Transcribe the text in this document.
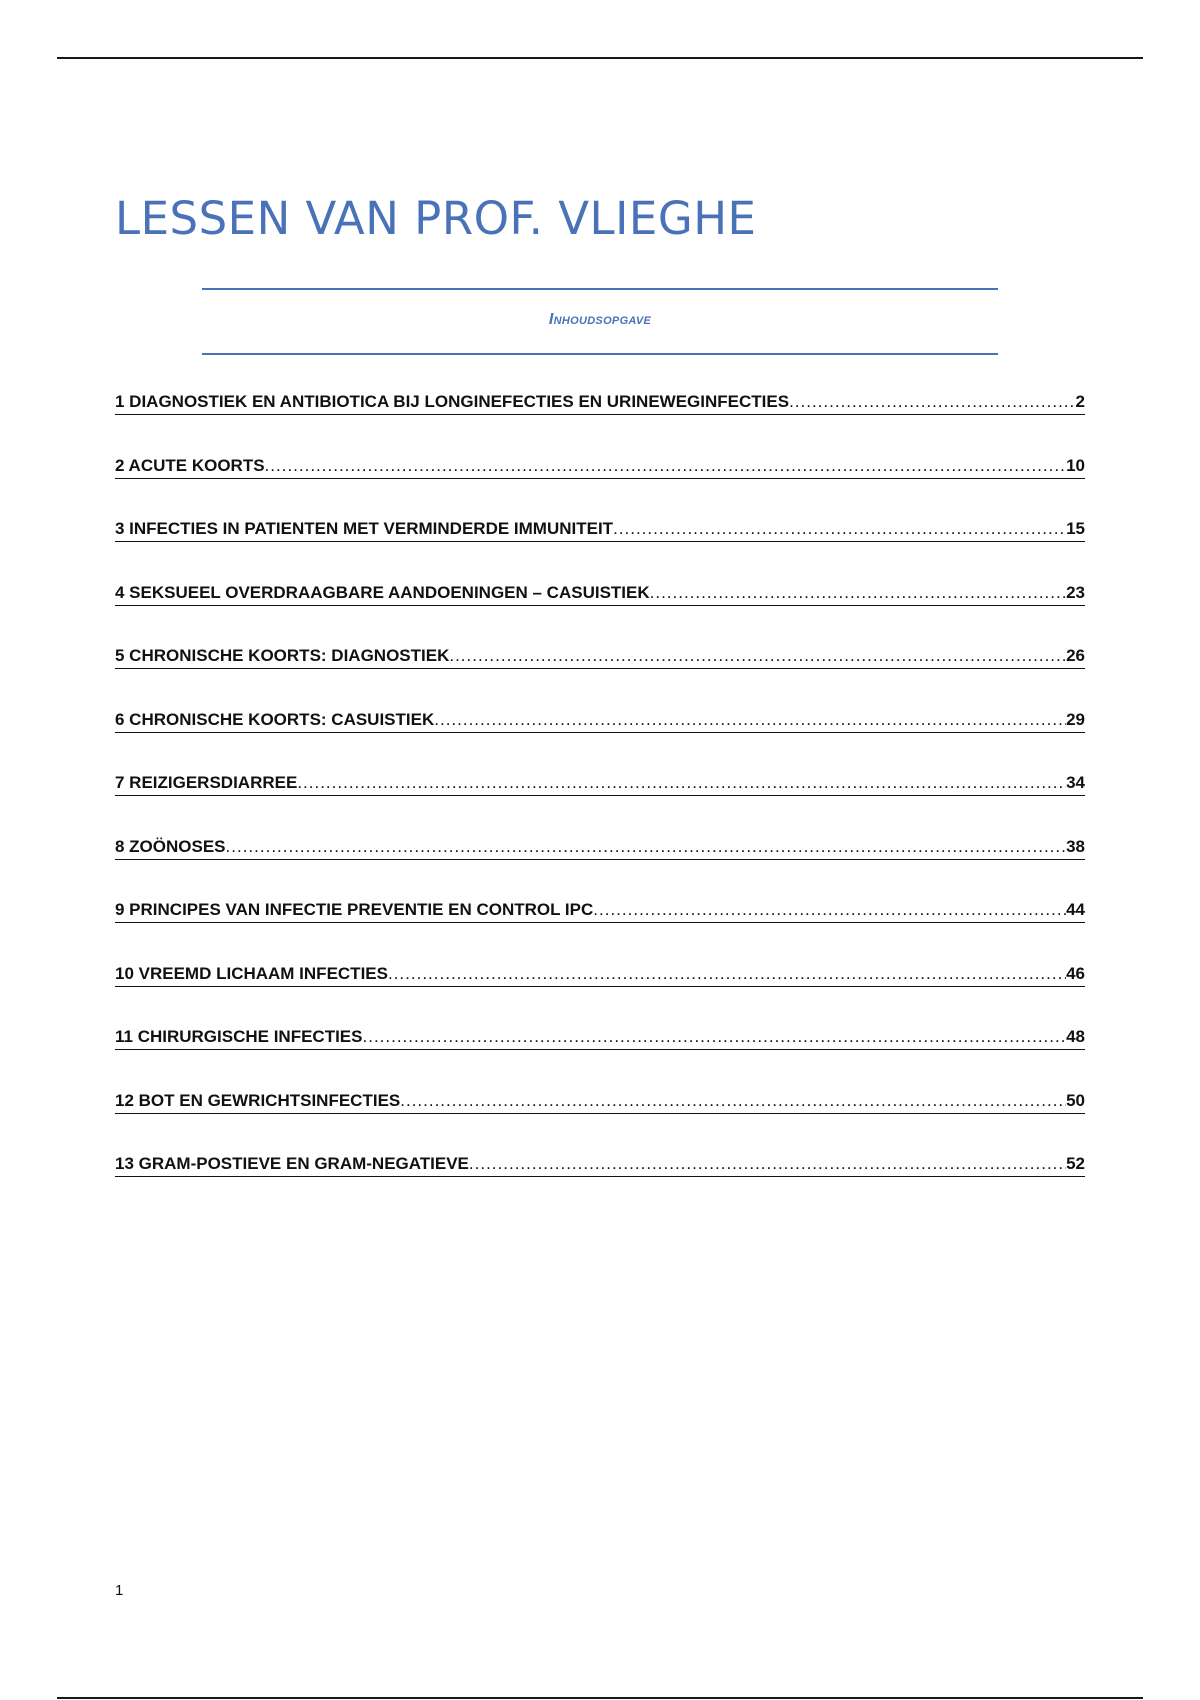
LESSEN VAN PROF. VLIEGHE
Inhoudsopgave
1 DIAGNOSTIEK EN ANTIBIOTICA BIJ LONGINEFECTIES EN URINEWEGINFECTIES .....	2
2 ACUTE KOORTS .....	10
3 INFECTIES IN PATIENTEN MET VERMINDERDE IMMUNITEIT .....	15
4 SEKSUEEL OVERDRAAGBARE AANDOENINGEN – CASUISTIEK .....	23
5 CHRONISCHE KOORTS: DIAGNOSTIEK .....	26
6 CHRONISCHE KOORTS: CASUISTIEK .....	29
7 REIZIGERSDIARREE .....	34
8 ZOÖNOSES .....	38
9 PRINCIPES VAN INFECTIE PREVENTIE EN CONTROL IPC .....	44
10 VREEMD LICHAAM INFECTIES .....	46
11 CHIRURGISCHE INFECTIES .....	48
12 BOT EN GEWRICHTSINFECTIES .....	50
13 GRAM-POSTIEVE EN GRAM-NEGATIEVE .....	52
1
